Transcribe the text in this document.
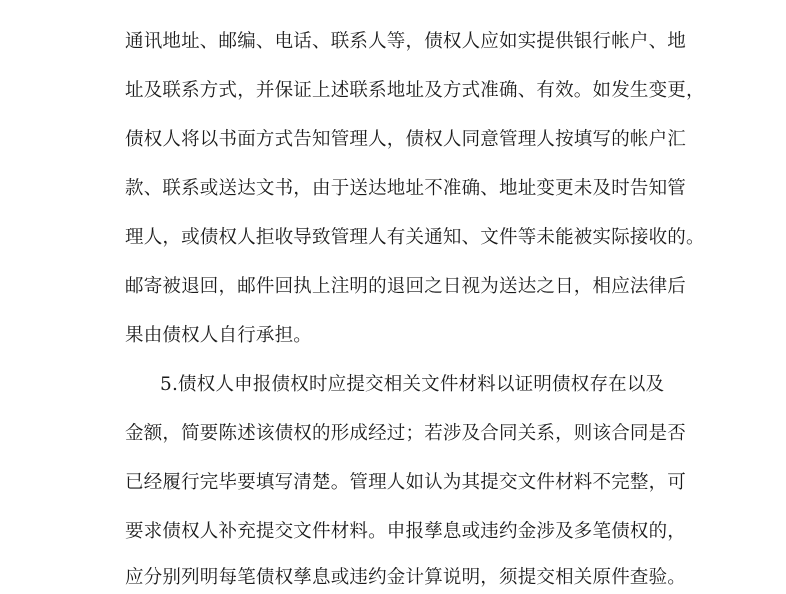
通讯地址、邮编、电话、联系人等，债权人应如实提供银行帐户、地
址及联系方式，并保证上述联系地址及方式准确、有效。如发生变更，
债权人将以书面方式告知管理人，债权人同意管理人按填写的帐户汇
款、联系或送达文书，由于送达地址不准确、地址变更未及时告知管
理人，或债权人拒收导致管理人有关通知、文件等未能被实际接收的。
邮寄被退回，邮件回执上注明的退回之日视为送达之日，相应法律后
果由债权人自行承担。
5.债权人申报债权时应提交相关文件材料以证明债权存在以及
金额，简要陈述该债权的形成经过；若涉及合同关系，则该合同是否
已经履行完毕要填写清楚。管理人如认为其提交文件材料不完整，可
要求债权人补充提交文件材料。申报孳息或违约金涉及多笔债权的，
应分别列明每笔债权孳息或违约金计算说明，须提交相关原件查验。
